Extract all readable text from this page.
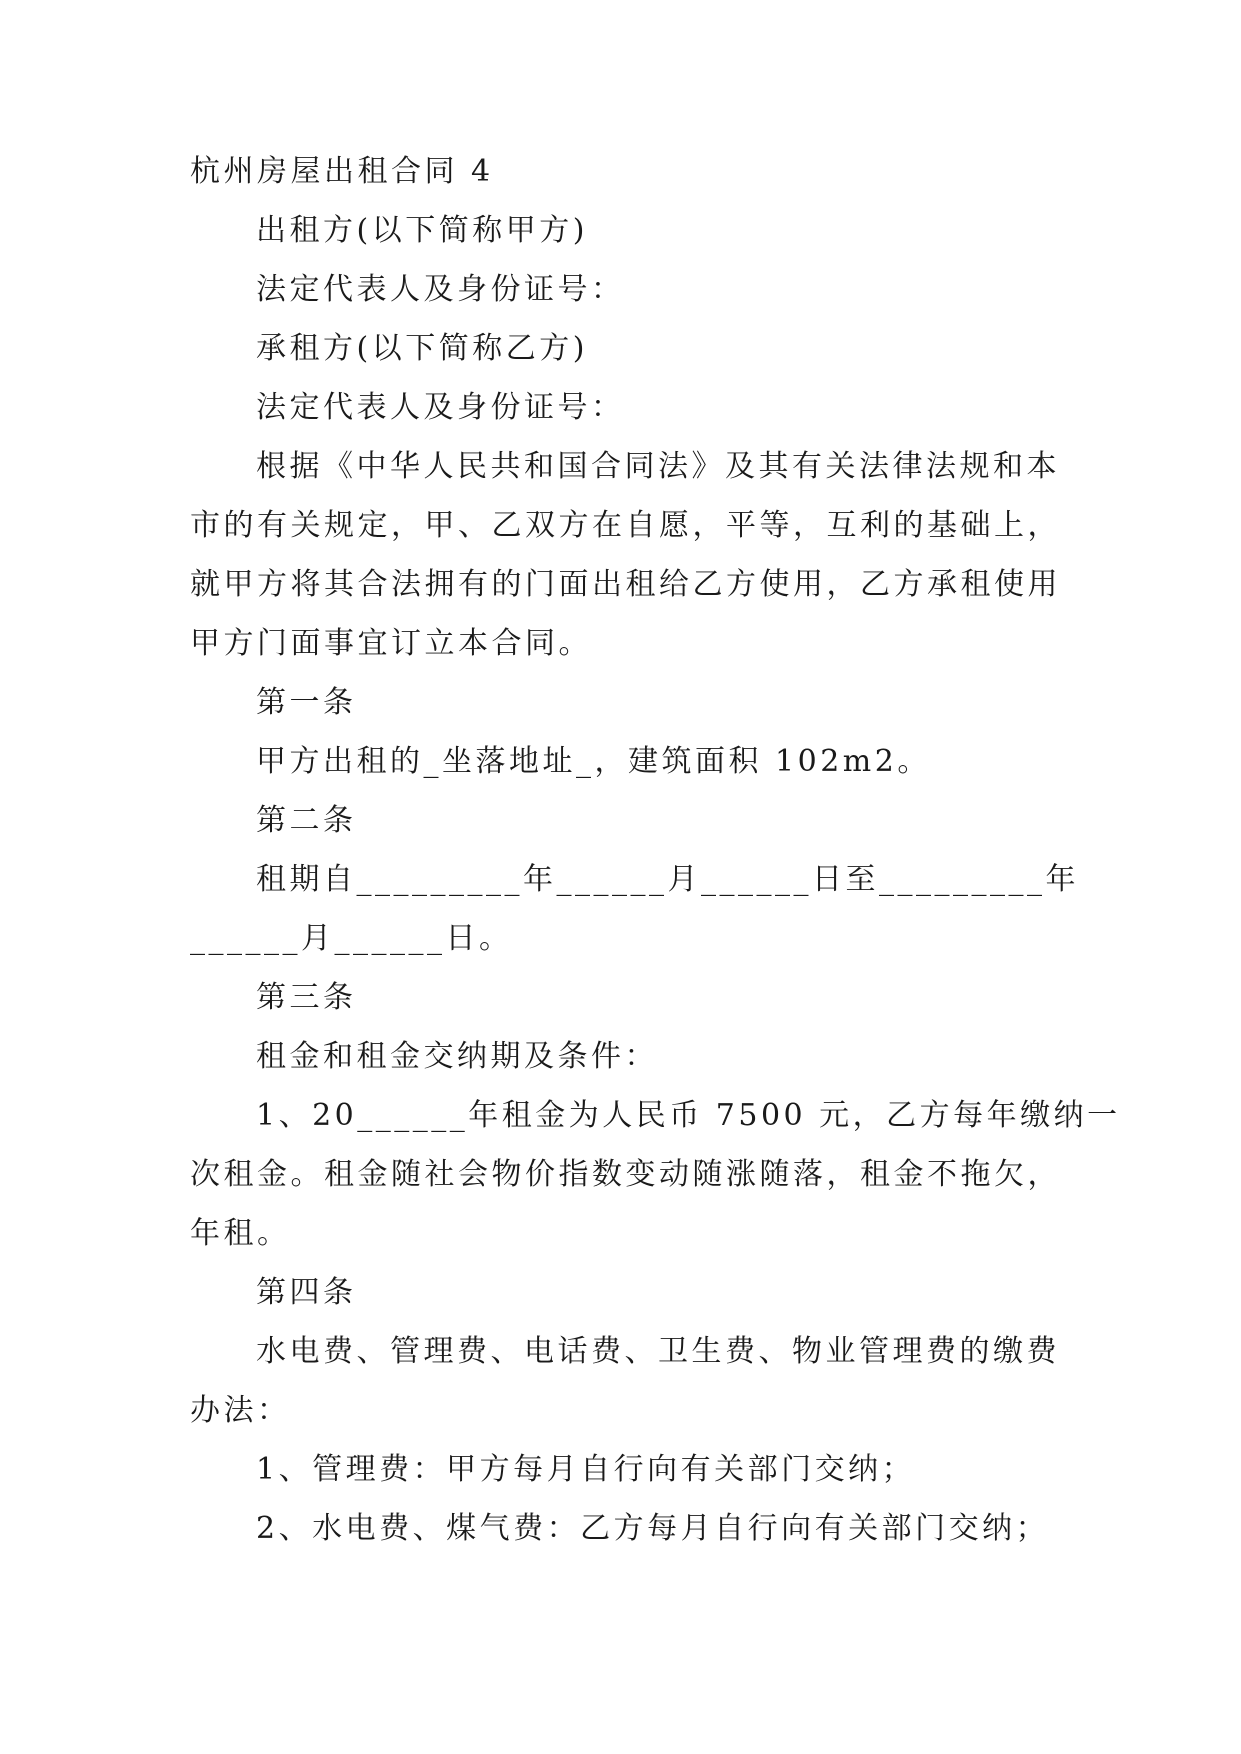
杭州房屋出租合同 4
出租方(以下简称甲方)
法定代表人及身份证号：
承租方(以下简称乙方)
法定代表人及身份证号：
根据《中华人民共和国合同法》及其有关法律法规和本
市的有关规定，甲、乙双方在自愿，平等，互利的基础上，
就甲方将其合法拥有的门面出租给乙方使用，乙方承租使用
甲方门面事宜订立本合同。
第一条
甲方出租的_坐落地址_，建筑面积 102m2。
第二条
租期自_________年______月______日至_________年
______月______日。
第三条
租金和租金交纳期及条件：
1、20______年租金为人民币 7500 元，乙方每年缴纳一
次租金。租金随社会物价指数变动随涨随落，租金不拖欠，
年租。
第四条
水电费、管理费、电话费、卫生费、物业管理费的缴费
办法：
1、管理费：甲方每月自行向有关部门交纳；
2、水电费、煤气费：乙方每月自行向有关部门交纳；
